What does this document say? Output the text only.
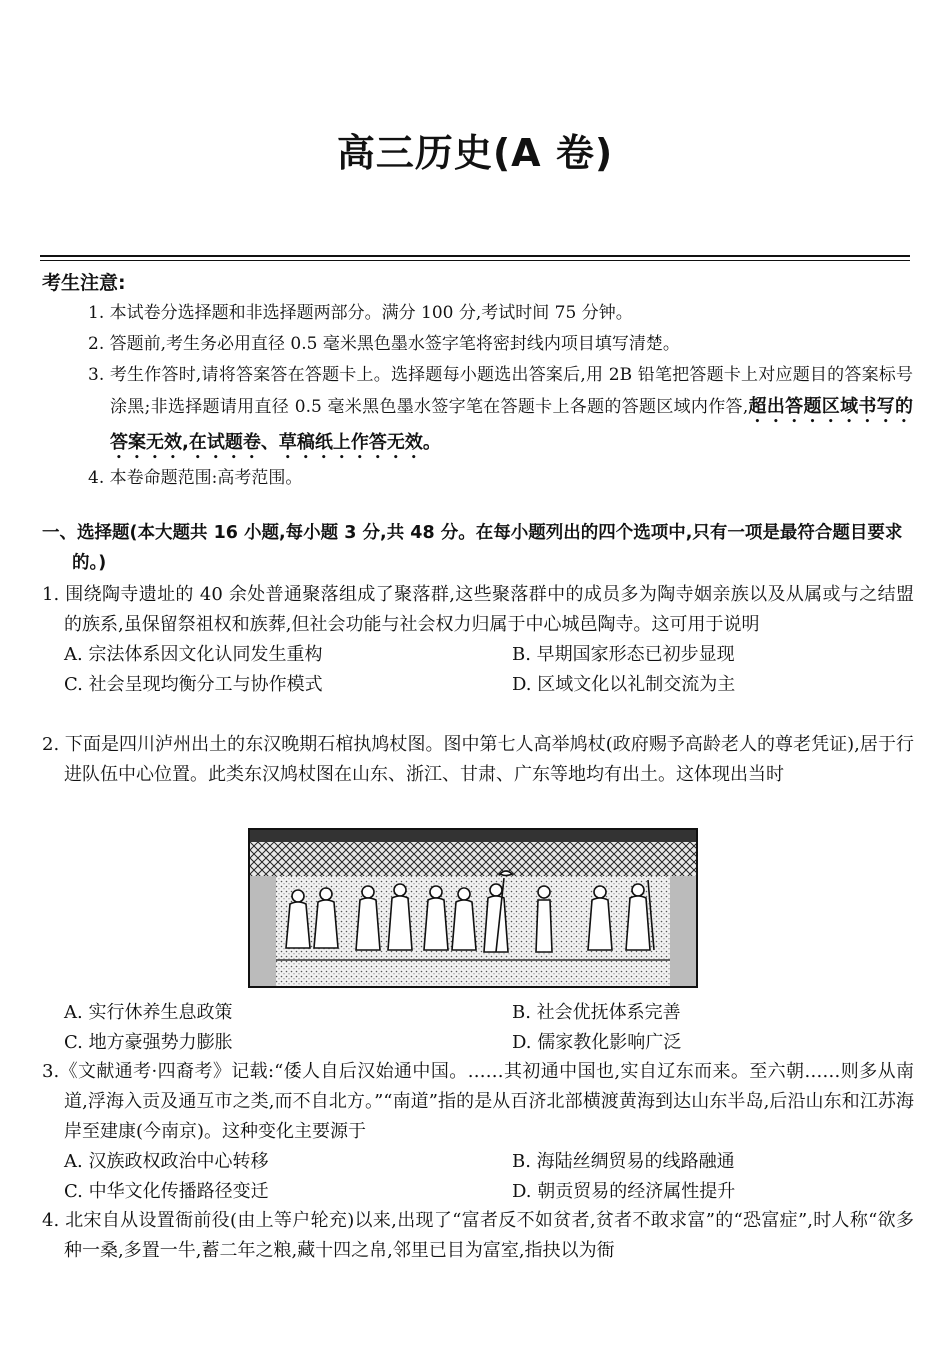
高三历史(A 卷)
考生注意:
1. 本试卷分选择题和非选择题两部分。满分 100 分,考试时间 75 分钟。
2. 答题前,考生务必用直径 0.5 毫米黑色墨水签字笔将密封线内项目填写清楚。
3. 考生作答时,请将答案答在答题卡上。选择题每小题选出答案后,用 2B 铅笔把答题卡上对应题目的答案标号涂黑;非选择题请用直径 0.5 毫米黑色墨水签字笔在答题卡上各题的答题区域内作答,超出答题区域书写的答案无效,在试题卷、草稿纸上作答无效。
4. 本卷命题范围:高考范围。
一、选择题(本大题共 16 小题,每小题 3 分,共 48 分。在每小题列出的四个选项中,只有一项是最符合题目要求的。)
1. 围绕陶寺遗址的 40 余处普通聚落组成了聚落群,这些聚落群中的成员多为陶寺姻亲族以及从属或与之结盟的族系,虽保留祭祖权和族葬,但社会功能与社会权力归属于中心城邑陶寺。这可用于说明
A. 宗法体系因文化认同发生重构	B. 早期国家形态已初步显现
C. 社会呈现均衡分工与协作模式	D. 区域文化以礼制交流为主
2. 下面是四川泸州出土的东汉晚期石棺执鸠杖图。图中第七人高举鸠杖(政府赐予高龄老人的尊老凭证),居于行进队伍中心位置。此类东汉鸠杖图在山东、浙江、甘肃、广东等地均有出土。这体现出当时
A. 实行休养生息政策	B. 社会优抚体系完善
C. 地方豪强势力膨胀	D. 儒家教化影响广泛
3.《文献通考·四裔考》记载:“倭人自后汉始通中国。……其初通中国也,实自辽东而来。至六朝……则多从南道,浮海入贡及通互市之类,而不自北方。”“南道”指的是从百济北部横渡黄海到达山东半岛,后沿山东和江苏海岸至建康(今南京)。这种变化主要源于
A. 汉族政权政治中心转移	B. 海陆丝绸贸易的线路融通
C. 中华文化传播路径变迁	D. 朝贡贸易的经济属性提升
4. 北宋自从设置衙前役(由上等户轮充)以来,出现了“富者反不如贫者,贫者不敢求富”的“恐富症”,时人称“欲多种一桑,多置一牛,蓄二年之粮,藏十四之帛,邻里已目为富室,指抉以为衙
